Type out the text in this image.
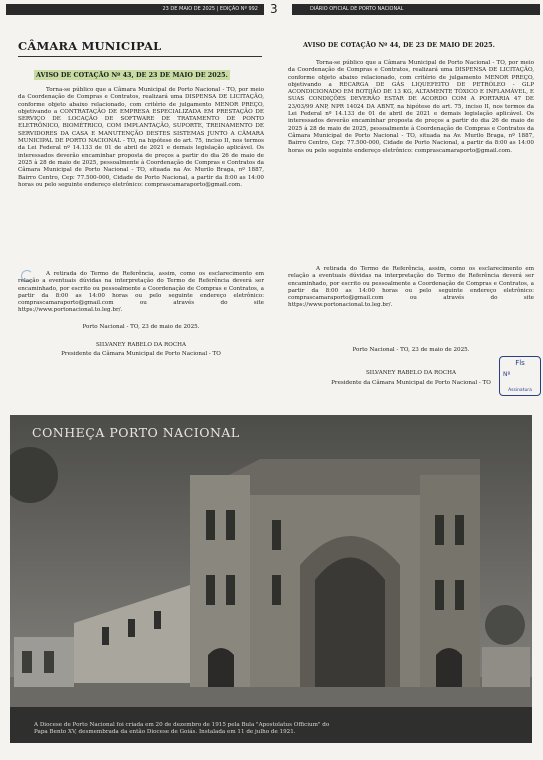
23 DE MAIO DE 2025 | EDIÇÃO Nº 992	3	DIÁRIO OFICIAL DE PORTO NACIONAL
CÂMARA MUNICIPAL
AVISO DE COTAÇÃO Nº 43, DE 23 DE MAIO DE 2025.
Torna-se público que a Câmara Municipal de Porto Nacional - TO, por meio da Coordenação de Compras e Contratos, realizará uma DISPENSA DE LICITAÇÃO, conforme objeto abaixo relacionado, com critério de julgamento MENOR PREÇO, objetivando a CONTRATAÇÃO DE EMPRESA ESPECIALIZADA EM PRESTAÇÃO DE SERVIÇO DE LOCAÇÃO DE SOFTWARE DE TRATAMENTO DE PONTO ELETRÔNICO, BIOMÉTRICO, COM IMPLANTAÇÃO, SUPORTE, TREINAMENTO DE SERVIDORES DA CASA E MANUTENÇÃO DESTES SISTEMAS JUNTO A CÂMARA MUNICIPAL DE PORTO NACIONAL - TO, na hipótese do art. 75, inciso II, nos termos da Lei Federal nº 14.133 de 01 de abril de 2021 e demais legislação aplicável. Os interessados deverão encaminhar proposta de preços a partir do dia 26 de maio de 2025 à 28 de maio de 2025, pessoalmente à Coordenação de Compras e Contratos da Câmara Municipal de Porto Nacional - TO, situada na Av. Murilo Braga, nº 1887, Bairro Centro, Cep: 77.500-000, Cidade de Porto Nacional, a partir da 8:00 as 14:00 horas ou pelo seguinte endereço eletrônico: comprascamaraporto@gmail.com.
A retirada do Termo de Referência, assim, como os esclarecimento em relação a eventuais dúvidas na interpretação do Termo de Referência deverá ser encaminhado, por escrito ou pessoalmente a Coordenação de Compras e Contratos, a partir da 8:00 as 14:00 horas ou pelo seguinte endereço eletrônico: comprascamaraporto@gmail.com ou através do site https://www.portonacional.to.leg.br/.
Porto Nacional - TO, 23 de maio de 2025.
SILVANEY RABELO DA ROCHA
Presidente da Câmara Municipal de Porto Nacional - TO
AVISO DE COTAÇÃO Nº 44, DE 23 DE MAIO DE 2025.
Torna-se público que a Câmara Municipal de Porto Nacional - TO, por meio da Coordenação de Compras e Contratos, realizará uma DISPENSA DE LICITAÇÃO, conforme objeto abaixo relacionado, com critério de julgamento MENOR PREÇO, objetivando a RECARGA DE GÁS LIQUEFEITO DE PETRÓLEO - GLP ACONDICIONADO EM BOTIJÃO DE 13 KG, ALTAMENTE TÓXICO E INFLAMÁVEL, E SUAS CONDIÇÕES DEVERÃO ESTAR DE ACORDO COM A PORTARIA 47 DE 23/03/99 ANP, NPR 14024 DA ABNT, na hipótese do art. 75, inciso II, nos termos da Lei Federal nº 14.133 de 01 de abril de 2021 e demais legislação aplicável. Os interessados deverão encaminhar proposta de preços a partir do dia 26 de maio de 2025 à 28 de maio de 2025, pessoalmente à Coordenação de Compras e Contratos da Câmara Municipal de Porto Nacional - TO, situada na Av. Murilo Braga, nº 1887, Bairro Centro, Cep: 77.500-000, Cidade de Porto Nacional, a partir da 8:00 as 14:00 horas ou pelo seguinte endereço eletrônico: comprascamaraporto@gmail.com.
A retirada do Termo de Referência, assim, como os esclarecimento em relação a eventuais dúvidas na interpretação do Termo de Referência deverá ser encaminhado, por escrito ou pessoalmente a Coordenação de Compras e Contratos, a partir da 8:00 as 14:00 horas ou pelo seguinte endereço eletrônico: comprascamaraporto@gmail.com ou através do site https://www.portonacional.to.leg.br/.
Porto Nacional - TO, 23 de maio de 2025.
SILVANEY RABELO DA ROCHA
Presidente da Câmara Municipal de Porto Nacional - TO
Fls
Nº
Assinatura
CONHEÇA PORTO NACIONAL
A Diocese de Porto Nacional foi criada em 20 de dezembro de 1915 pela Bula "Apostolatus Officium" do Papa Bento XV, desmembrada da então Diocese de Goiás. Instalada em 11 de julho de 1921.
